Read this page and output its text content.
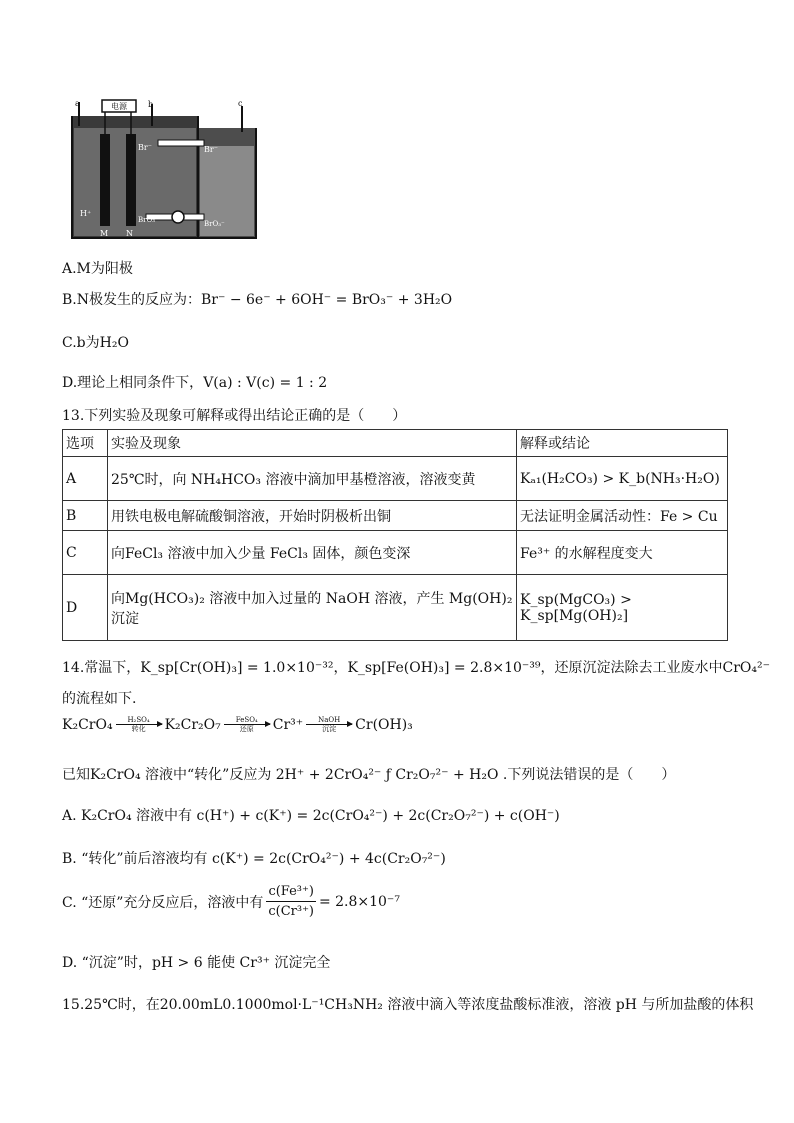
电源
a	b	c
Br⁻	Br⁻
H⁺
M N
BrO₃⁻	BrO₃⁻
A.M为阳极
B.N极发生的反应为：Br⁻ − 6e⁻ + 6OH⁻ = BrO₃⁻ + 3H₂O
C.b为H₂O
D.理论上相同条件下，V(a) : V(c) = 1 : 2
13.下列实验及现象可解释或得出结论正确的是（　　）
选项	实验及现象	解释或结论
A	25℃时，向 NH₄HCO₃ 溶液中滴加甲基橙溶液，溶液变黄	Kₐ₁(H₂CO₃) > K_b(NH₃·H₂O)
B	用铁电极电解硫酸铜溶液，开始时阴极析出铜	无法证明金属活动性：Fe > Cu
C	向FeCl₃ 溶液中加入少量 FeCl₃ 固体，颜色变深	Fe³⁺ 的水解程度变大
D	向Mg(HCO₃)₂ 溶液中加入过量的 NaOH 溶液，产生 Mg(OH)₂ 沉淀	K_sp(MgCO₃) > K_sp[Mg(OH)₂]
14.常温下，K_sp[Cr(OH)₃] = 1.0×10⁻³²，K_sp[Fe(OH)₃] = 2.8×10⁻³⁹，还原沉淀法除去工业废水中CrO₄²⁻
的流程如下.
K₂CrO₄ H₂SO₄
转化 K₂Cr₂O₇ FeSO₄
还原 Cr³⁺ NaOH
沉淀 Cr(OH)₃
已知K₂CrO₄ 溶液中“转化”反应为 2H⁺ + 2CrO₄²⁻ ƒ Cr₂O₇²⁻ + H₂O .下列说法错误的是（　　）
A. K₂CrO₄ 溶液中有 c(H⁺) + c(K⁺) = 2c(CrO₄²⁻) + 2c(Cr₂O₇²⁻) + c(OH⁻)
B. “转化”前后溶液均有 c(K⁺) = 2c(CrO₄²⁻) + 4c(Cr₂O₇²⁻)
C. “还原”充分反应后，溶液中有 $\frac{\text{c(Fe³⁺)}}{\text{c(Cr³⁺)}} = 2.8\times 10^{-7}$
D. “沉淀”时，pH > 6 能使 Cr³⁺ 沉淀完全
15.25℃时，在20.00mL0.1000mol·L⁻¹CH₃NH₂ 溶液中滴入等浓度盐酸标准液，溶液 pH 与所加盐酸的体积
